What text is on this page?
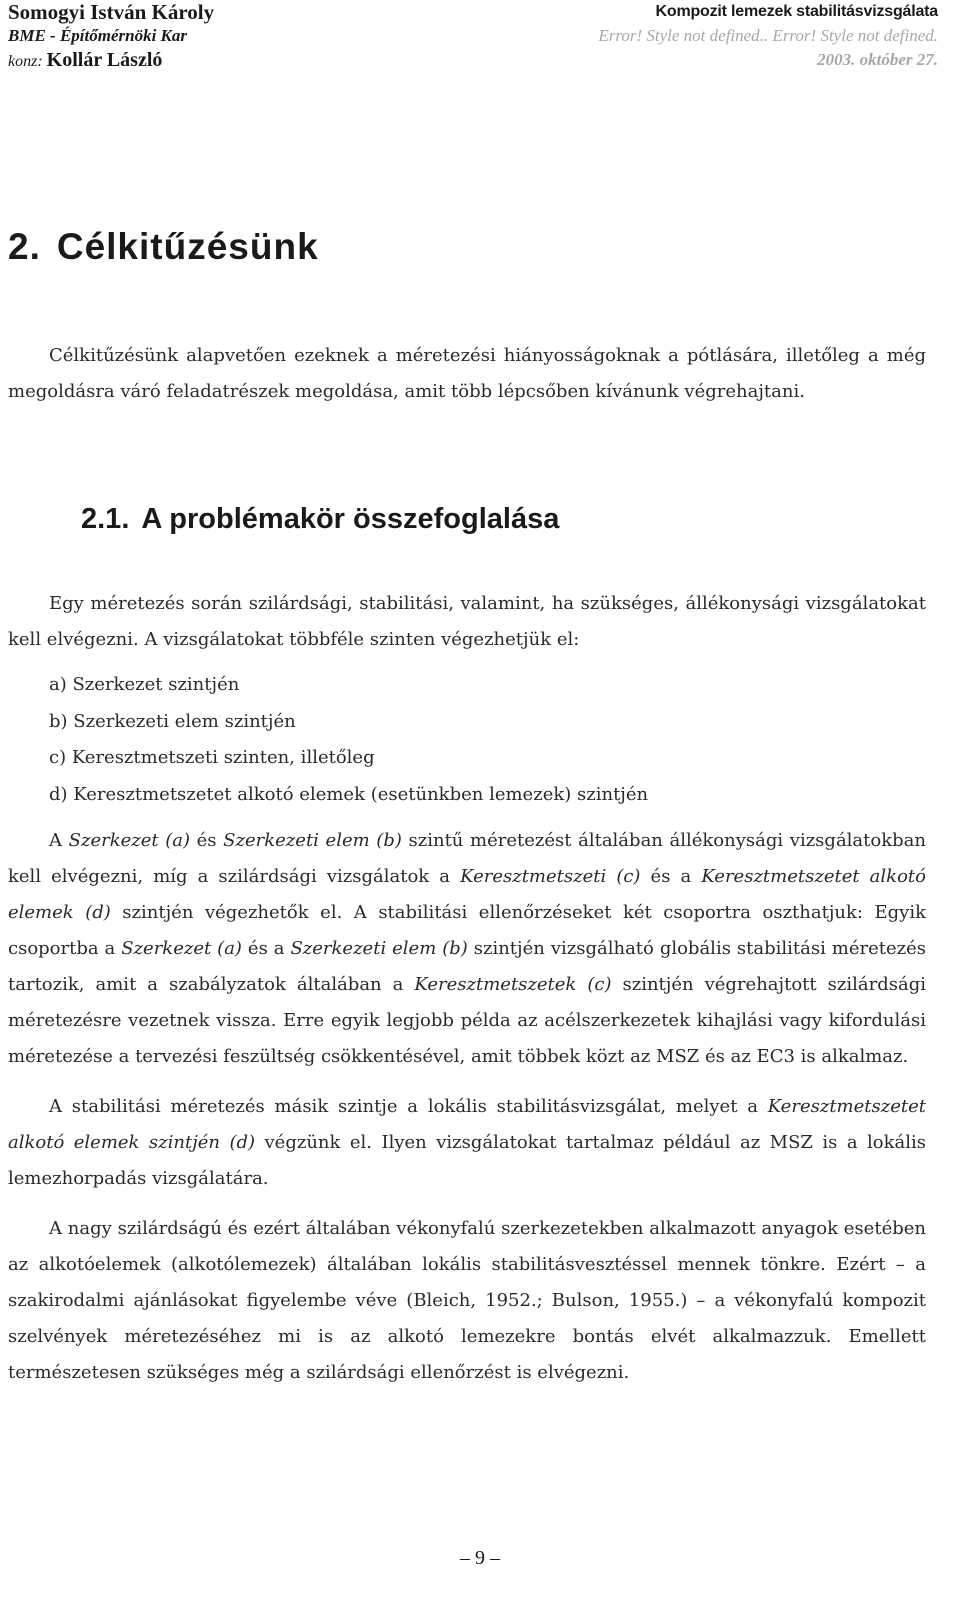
Somogyi István Károly
BME - Építőmérnöki Kar
konz: Kollár László
Kompozit lemezek stabilitásvizsgálata
Error! Style not defined.. Error! Style not defined.
2003. október 27.
2. Célkitűzésünk

Célkitűzésünk alapvetően ezeknek a méretezési hiányosságoknak a pótlására, illetőleg a még megoldásra váró feladatrészek megoldása, amit több lépcsőben kívánunk végrehajtani.

2.1. A problémakör összefoglalása

Egy méretezés során szilárdsági, stabilitási, valamint, ha szükséges, állékonysági vizsgálatokat kell elvégezni. A vizsgálatokat többféle szinten végezhetjük el:

a) Szerkezet szintjén
b) Szerkezeti elem szintjén
c) Keresztmetszeti szinten, illetőleg
d) Keresztmetszetet alkotó elemek (esetünkben lemezek) szintjén

A Szerkezet (a) és Szerkezeti elem (b) szintű méretezést általában állékonysági vizsgálatokban kell elvégezni, míg a szilárdsági vizsgálatok a Keresztmetszeti (c) és a Keresztmetszetet alkotó elemek (d) szintjén végezhetők el. A stabilitási ellenőrzéseket két csoportra oszthatjuk: Egyik csoportba a Szerkezet (a) és a Szerkezeti elem (b) szintjén vizsgálható globális stabilitási méretezés tartozik, amit a szabályzatok általában a Keresztmetszetek (c) szintjén végrehajtott szilárdsági méretezésre vezetnek vissza. Erre egyik legjobb példa az acélszerkezetek kihajlási vagy kifordulási méretezése a tervezési feszültség csökkentésével, amit többek közt az MSZ és az EC3 is alkalmaz.

A stabilitási méretezés másik szintje a lokális stabilitásvizsgálat, melyet a Keresztmetszetet alkotó elemek szintjén (d) végzünk el. Ilyen vizsgálatokat tartalmaz például az MSZ is a lokális lemezhorpadás vizsgálatára.

A nagy szilárdságú és ezért általában vékonyfalú szerkezetekben alkalmazott anyagok esetében az alkotóelemek (alkotólemezek) általában lokális stabilitásvesztéssel mennek tönkre. Ezért – a szakirodalmi ajánlásokat figyelembe véve (Bleich, 1952.; Bulson, 1955.) – a vékonyfalú kompozit szelvények méretezéséhez mi is az alkotó lemezekre bontás elvét alkalmazzuk. Emellett természetesen szükséges még a szilárdsági ellenőrzést is elvégezni.

– 9 –
